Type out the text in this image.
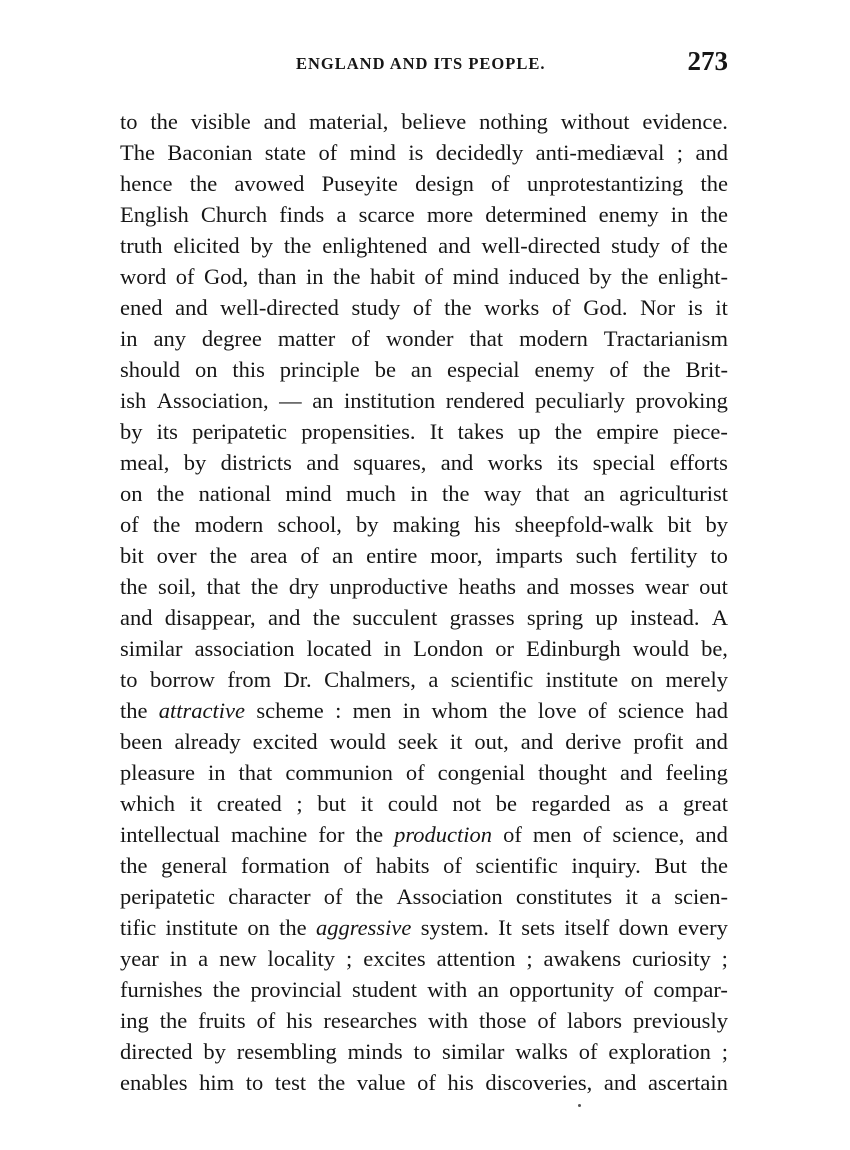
ENGLAND AND ITS PEOPLE.	273
to the visible and material, believe nothing without evidence.
The Baconian state of mind is decidedly anti-mediæval ; and
hence the avowed Puseyite design of unprotestantizing the
English Church finds a scarce more determined enemy in the
truth elicited by the enlightened and well-directed study of the
word of God, than in the habit of mind induced by the enlight-
ened and well-directed study of the works of God. Nor is it
in any degree matter of wonder that modern Tractarianism
should on this principle be an especial enemy of the Brit-
ish Association, — an institution rendered peculiarly provoking
by its peripatetic propensities. It takes up the empire piece-
meal, by districts and squares, and works its special efforts
on the national mind much in the way that an agriculturist
of the modern school, by making his sheepfold-walk bit by
bit over the area of an entire moor, imparts such fertility to
the soil, that the dry unproductive heaths and mosses wear out
and disappear, and the succulent grasses spring up instead. A
similar association located in London or Edinburgh would be,
to borrow from Dr. Chalmers, a scientific institute on merely
the attractive scheme : men in whom the love of science had
been already excited would seek it out, and derive profit and
pleasure in that communion of congenial thought and feeling
which it created ; but it could not be regarded as a great
intellectual machine for the production of men of science, and
the general formation of habits of scientific inquiry. But the
peripatetic character of the Association constitutes it a scien-
tific institute on the aggressive system. It sets itself down every
year in a new locality ; excites attention ; awakens curiosity ;
furnishes the provincial student with an opportunity of compar-
ing the fruits of his researches with those of labors previously
directed by resembling minds to similar walks of exploration ;
enables him to test the value of his discoveries, and ascertain
